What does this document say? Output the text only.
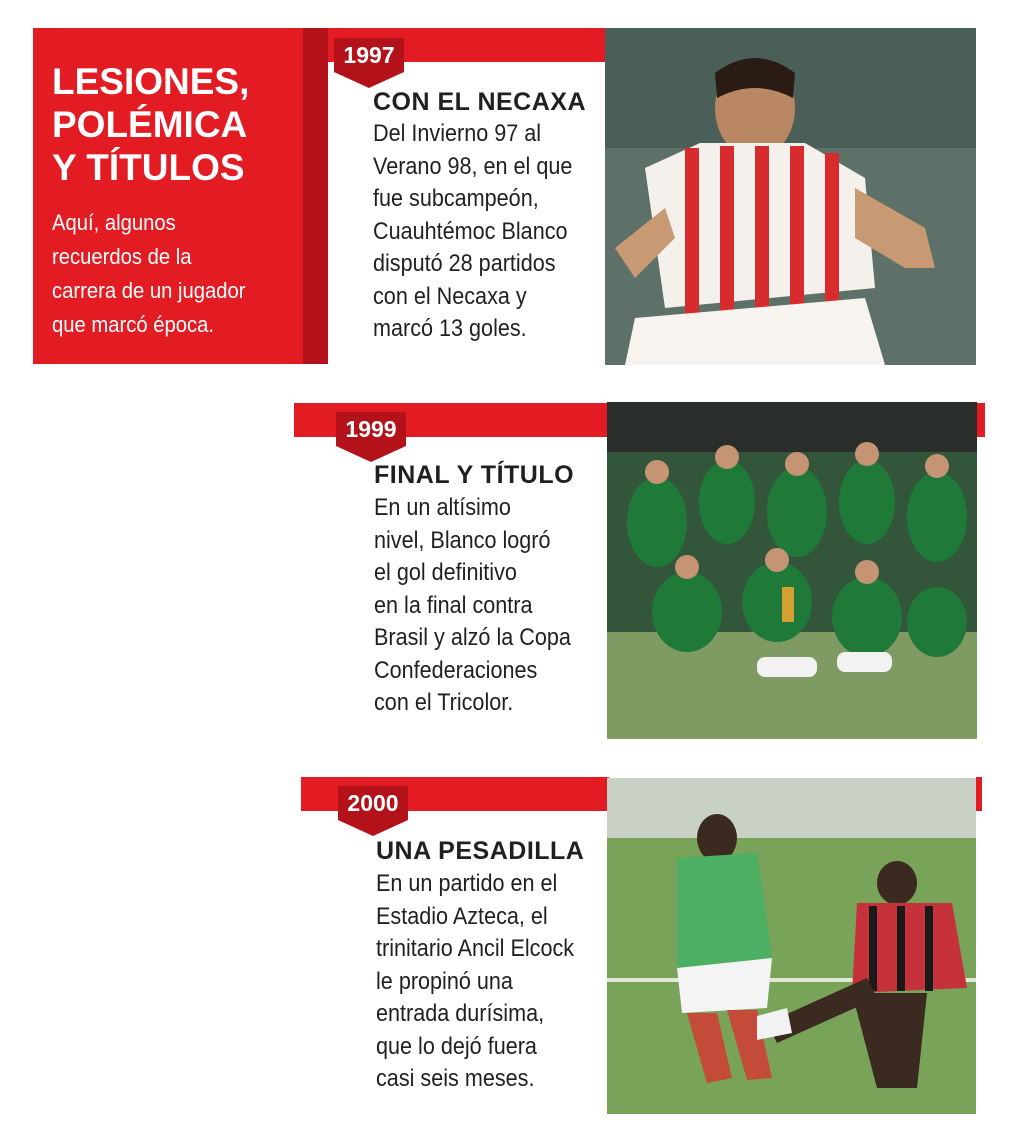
LESIONES,
POLÉMICA
Y TÍTULOS
Aquí, algunos
recuerdos de la
carrera de un jugador
que marcó época.
1997
CON EL NECAXA
Del Invierno 97 al
Verano 98, en el que
fue subcampeón,
Cuauhtémoc Blanco
disputó 28 partidos
con el Necaxa y
marcó 13 goles.
1999
FINAL Y TÍTULO
En un altísimo
nivel, Blanco logró
el gol definitivo
en la final contra
Brasil y alzó la Copa
Confederaciones
con el Tricolor.
2000
UNA PESADILLA
En un partido en el
Estadio Azteca, el
trinitario Ancil Elcock
le propinó una
entrada durísima,
que lo dejó fuera
casi seis meses.
